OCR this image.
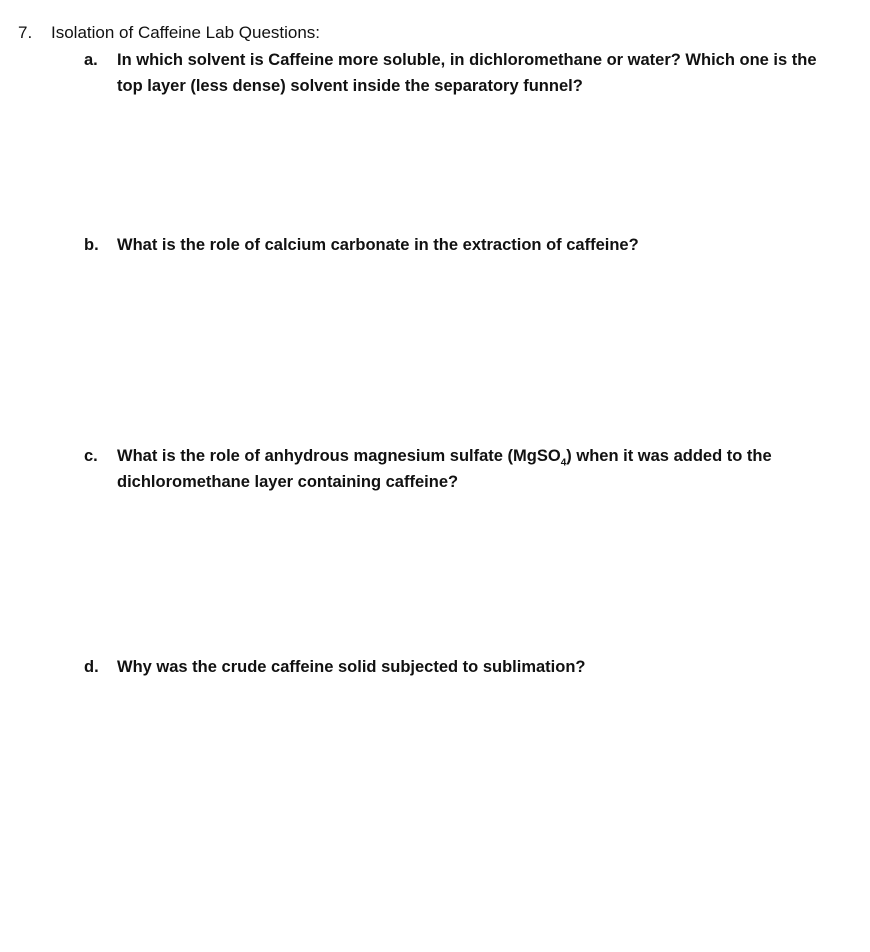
7. Isolation of Caffeine Lab Questions:
a.	In which solvent is Caffeine more soluble, in dichloromethane or water? Which one is the top layer (less dense) solvent inside the separatory funnel?
b.	What is the role of calcium carbonate in the extraction of caffeine?
c.	What is the role of anhydrous magnesium sulfate (MgSO$_4$) when it was added to the dichloromethane layer containing caffeine?
d.	Why was the crude caffeine solid subjected to sublimation?
